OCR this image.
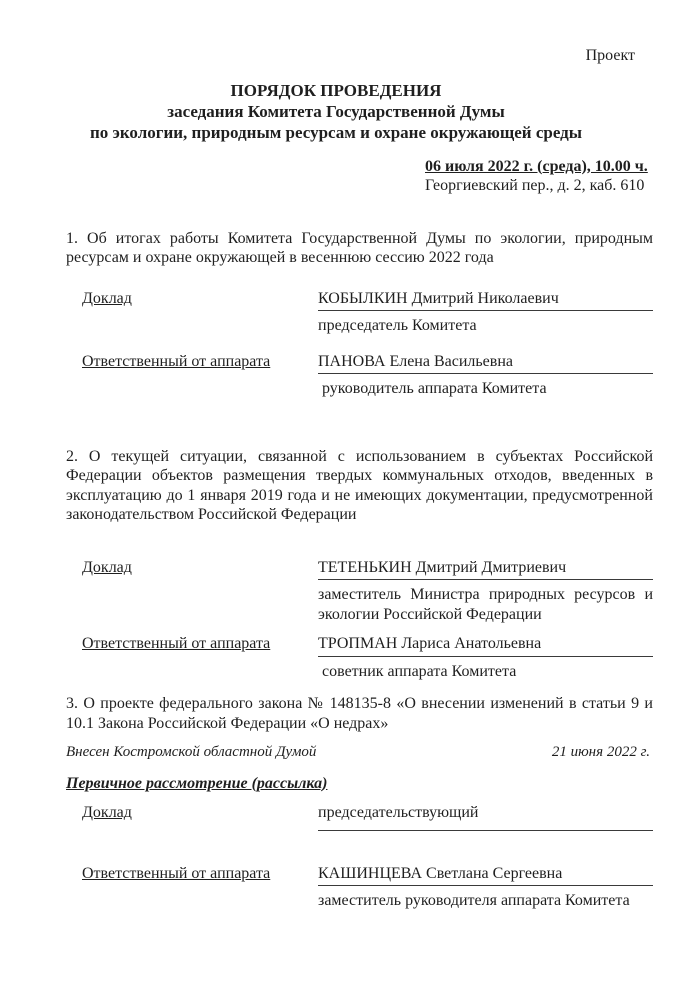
Проект
ПОРЯДОК ПРОВЕДЕНИЯ
заседания Комитета Государственной Думы
по экологии, природным ресурсам и охране окружающей среды
06 июля 2022 г. (среда), 10.00 ч.
Георгиевский пер., д. 2, каб. 610
1. Об итогах работы Комитета Государственной Думы по экологии, природным ресурсам и охране окружающей в весеннюю сессию 2022 года
Доклад	КОБЫЛКИН Дмитрий Николаевич
председатель Комитета
Ответственный от аппарата	ПАНОВА Елена Васильевна
руководитель аппарата Комитета
2. О текущей ситуации, связанной с использованием в субъектах Российской Федерации объектов размещения твердых коммунальных отходов, введенных в эксплуатацию до 1 января 2019 года и не имеющих документации, предусмотренной законодательством Российской Федерации
Доклад	ТЕТЕНЬКИН Дмитрий Дмитриевич
заместитель Министра природных ресурсов и экологии Российской Федерации
Ответственный от аппарата	ТРОПМАН Лариса Анатольевна
советник аппарата Комитета
3. О проекте федерального закона № 148135-8 «О внесении изменений в статьи 9 и 10.1 Закона Российской Федерации «О недрах»
Внесен Костромской областной Думой	21 июня 2022 г.
Первичное рассмотрение (рассылка)
Доклад	председательствующий
Ответственный от аппарата	КАШИНЦЕВА Светлана Сергеевна
заместитель руководителя аппарата Комитета
